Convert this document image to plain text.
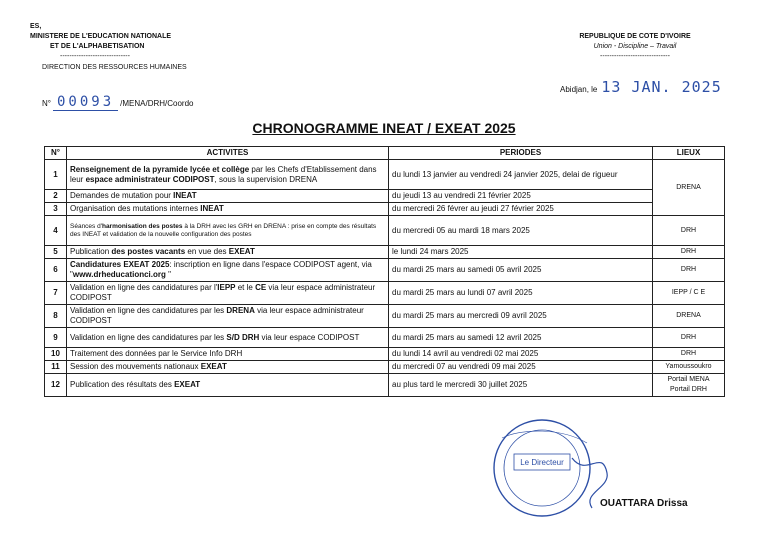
ES,
MINISTERE DE L'EDUCATION NATIONALE
ET DE L'ALPHABETISATION
------------------------------
DIRECTION DES RESSOURCES HUMAINES
REPUBLIQUE DE COTE D'IVOIRE
Union - Discipline – Travail
------------------------------
N° 00093 /MENA/DRH/Coordo
Abidjan, le 13 JAN. 2025
CHRONOGRAMME INEAT / EXEAT 2025
N°	ACTIVITES	PERIODES	LIEUX
1	Renseignement de la pyramide lycée et collège par les Chefs d'Etablissement dans leur espace administrateur CODIPOST, sous la supervision DRENA	du lundi 13 janvier au vendredi 24 janvier 2025, delai de rigueur	DRENA
2	Demandes de mutation pour INEAT	du jeudi 13 au vendredi 21 février 2025	
3	Organisation des mutations internes INEAT	du mercredi 26 févrer au jeudi 27 février 2025	
4	Séances d'harmonisation des postes à la DRH avec les GRH en DRENA : prise en compte des résultats des INEAT et validation de la nouvelle configuration des postes	du mercredi 05 au mardi 18 mars 2025	DRH
5	Publication des postes vacants en vue des EXEAT	le lundi 24 mars 2025	DRH
6	Candidatures EXEAT 2025: inscription en ligne dans l'espace CODIPOST agent, via "www.drheducationci.org "	du mardi 25 mars au samedi 05 avril 2025	DRH
7	Validation en ligne des candidatures par l'IEPP et le CE via leur espace administrateur CODIPOST	du mardi 25 mars au lundi 07 avril 2025	IEPP / C E
8	Validation en ligne des candidatures par les DRENA via leur espace administrateur CODIPOST	du mardi 25 mars au mercredi 09 avril 2025	DRENA
9	Validation en ligne des candidatures par les S/D DRH via leur espace CODIPOST	du mardi 25 mars au samedi 12 avril 2025	DRH
10	Traitement des données par le Service Info DRH	du lundi 14 avril au vendredi 02 mai 2025	DRH
11	Session des mouvements nationaux EXEAT	du mercredi 07 au vendredi 09 mai 2025	Yamoussoukro
12	Publication des résultats des EXEAT	au plus tard le mercredi 30 juillet 2025	Portail MENA
Portail DRH
Le Directeur
OUATTARA Drissa
